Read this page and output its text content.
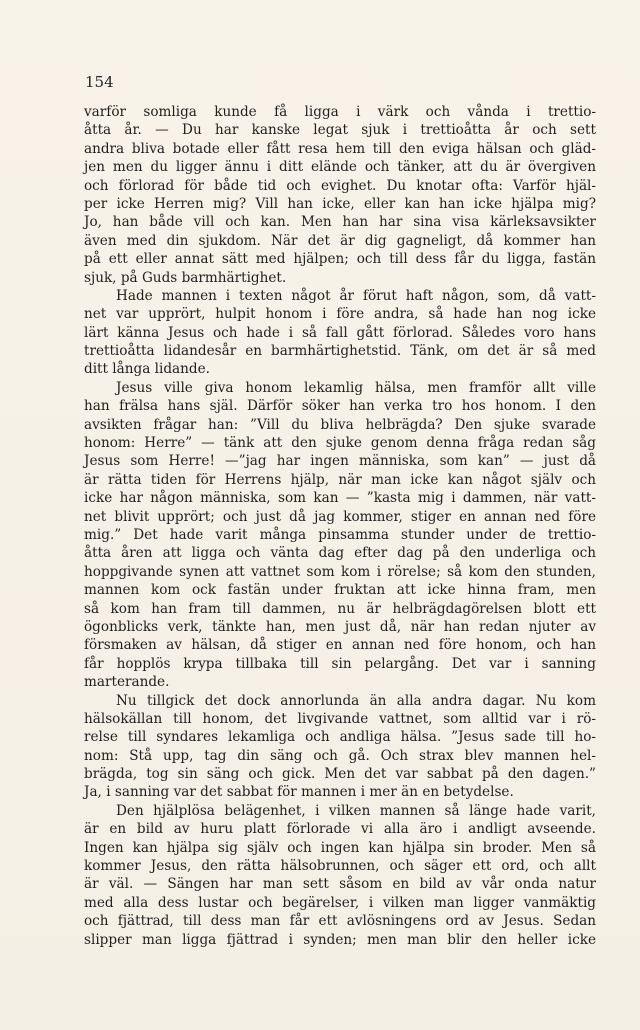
154
varför somliga kunde få ligga i värk och vånda i trettio-
åtta år. — Du har kanske legat sjuk i trettioåtta år och sett
andra bliva botade eller fått resa hem till den eviga hälsan och gläd-
jen men du ligger ännu i ditt elände och tänker, att du är övergiven
och förlorad för både tid och evighet. Du knotar ofta: Varför hjäl-
per icke Herren mig? Vill han icke, eller kan han icke hjälpa mig?
Jo, han både vill och kan. Men han har sina visa kärleksavsikter
även med din sjukdom. När det är dig gagneligt, då kommer han
på ett eller annat sätt med hjälpen; och till dess får du ligga, fastän
sjuk, på Guds barmhärtighet.
Hade mannen i texten något år förut haft någon, som, då vatt-
net var upprört, hulpit honom i före andra, så hade han nog icke
lärt känna Jesus och hade i så fall gått förlorad. Således voro hans
trettioåtta lidandesår en barmhärtighetstid. Tänk, om det är så med
ditt långa lidande.
Jesus ville giva honom lekamlig hälsa, men framför allt ville
han frälsa hans själ. Därför söker han verka tro hos honom. I den
avsikten frågar han: ”Vill du bliva helbrägda? Den sjuke svarade
honom: Herre” — tänk att den sjuke genom denna fråga redan såg
Jesus som Herre! —”jag har ingen människa, som kan” — just då
är rätta tiden för Herrens hjälp, när man icke kan något själv och
icke har någon människa, som kan — ”kasta mig i dammen, när vatt-
net blivit upprört; och just då jag kommer, stiger en annan ned före
mig.” Det hade varit många pinsamma stunder under de trettio-
åtta åren att ligga och vänta dag efter dag på den underliga och
hoppgivande synen att vattnet som kom i rörelse; så kom den stunden,
mannen kom ock fastän under fruktan att icke hinna fram, men
så kom han fram till dammen, nu är helbrägdagörelsen blott ett
ögonblicks verk, tänkte han, men just då, när han redan njuter av
försmaken av hälsan, då stiger en annan ned före honom, och han
får hopplös krypa tillbaka till sin pelargång. Det var i sanning
marterande.
Nu tillgick det dock annorlunda än alla andra dagar. Nu kom
hälsokällan till honom, det livgivande vattnet, som alltid var i rö-
relse till syndares lekamliga och andliga hälsa. ”Jesus sade till ho-
nom: Stå upp, tag din säng och gå. Och strax blev mannen hel-
brägda, tog sin säng och gick. Men det var sabbat på den dagen.”
Ja, i sanning var det sabbat för mannen i mer än en betydelse.
Den hjälplösa belägenhet, i vilken mannen så länge hade varit,
är en bild av huru platt förlorade vi alla äro i andligt avseende.
Ingen kan hjälpa sig själv och ingen kan hjälpa sin broder. Men så
kommer Jesus, den rätta hälsobrunnen, och säger ett ord, och allt
är väl. — Sängen har man sett såsom en bild av vår onda natur
med alla dess lustar och begärelser, i vilken man ligger vanmäktig
och fjättrad, till dess man får ett avlösningens ord av Jesus. Sedan
slipper man ligga fjättrad i synden; men man blir den heller icke
